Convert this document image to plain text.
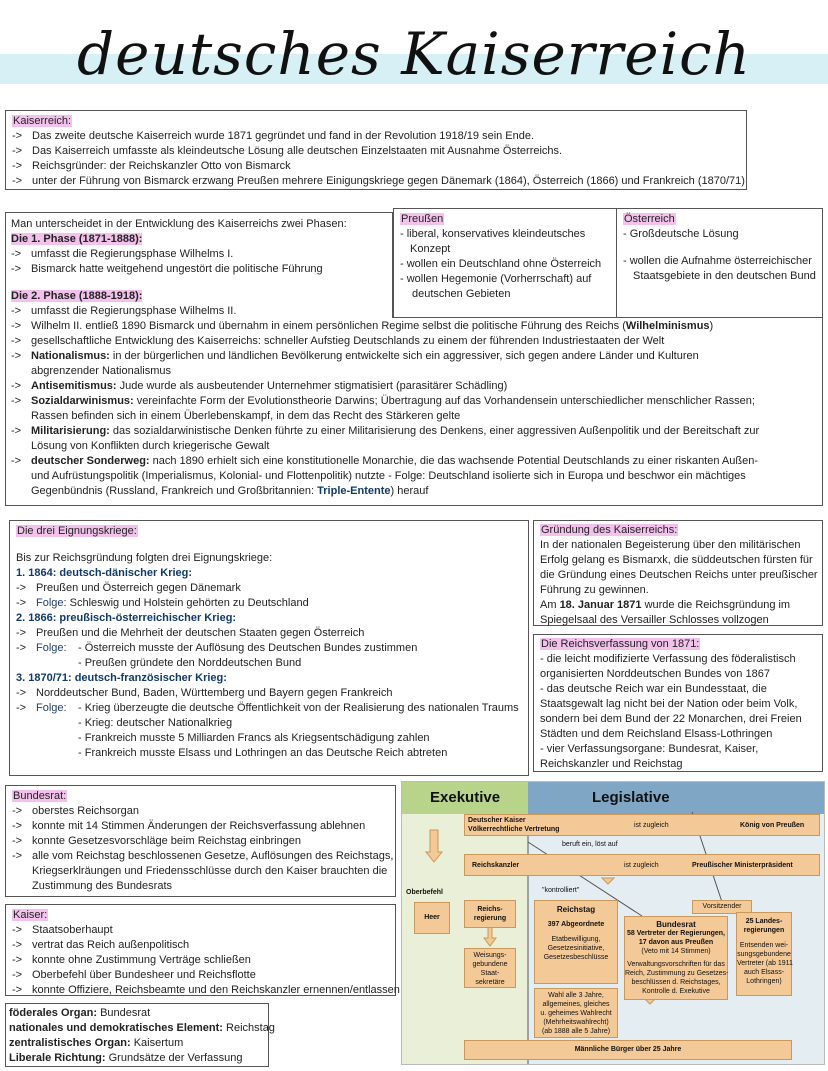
deutsches Kaiserreich
Kaiserreich:
-> Das zweite deutsche Kaiserreich wurde 1871 gegründet und fand in der Revolution 1918/19 sein Ende.
-> Das Kaiserreich umfasste als kleindeutsche Lösung alle deutschen Einzelstaaten mit Ausnahme Österreichs.
-> Reichsgründer: der Reichskanzler Otto von Bismarck
-> unter der Führung von Bismarck erzwang Preußen mehrere Einigungskriege gegen Dänemark (1864), Österreich (1866) und Frankreich (1870/71)
Man unterscheidet in der Entwicklung des Kaiserreichs zwei Phasen:
Die 1. Phase (1871-1888):
-> umfasst die Regierungsphase Wilhelms I.
-> Bismarck hatte weitgehend ungestört die politische Führung
Die 2. Phase (1888-1918):
-> umfasst die Regierungsphase Wilhelms II.
-> Wilhelm II. entließ 1890 Bismarck und übernahm in einem persönlichen Regime selbst die politische Führung des Reichs (Wilhelminismus)
-> gesellschaftliche Entwicklung des Kaiserreichs: schneller Aufstieg Deutschlands zu einem der führenden Industriestaaten der Welt
-> Nationalismus: in der bürgerlichen und ländlichen Bevölkerung entwickelte sich ein aggressiver, sich gegen andere Länder und Kulturen
abgrenzender Nationalismus
-> Antisemitismus: Jude wurde als ausbeutender Unternehmer stigmatisiert (parasitärer Schädling)
-> Sozialdarwinismus: vereinfachte Form der Evolutionstheorie Darwins; Übertragung auf das Vorhandensein unterschiedlicher menschlicher Rassen;
Rassen befinden sich in einem Überlebenskampf, in dem das Recht des Stärkeren gelte
-> Militarisierung: das sozialdarwinistische Denken führte zu einer Militarisierung des Denkens, einer aggressiven Außenpolitik und der Bereitschaft zur
Lösung von Konflikten durch kriegerische Gewalt
-> deutscher Sonderweg: nach 1890 erhielt sich eine konstitutionelle Monarchie, die das wachsende Potential Deutschlands zu einer riskanten Außen-
und Aufrüstungspolitik (Imperialismus, Kolonial- und Flottenpolitik) nutzte - Folge: Deutschland isolierte sich in Europa und beschwor ein mächtiges
Gegenbündnis (Russland, Frankreich und Großbritannien: Triple-Entente) herauf
Preußen
- liberal, konservatives kleindeutsches
Konzept
- wollen ein Deutschland ohne Österreich
- wollen Hegemonie (Vorherrschaft) auf
deutschen Gebieten
Österreich
- Großdeutsche Lösung
- wollen die Aufnahme österreichischer
Staatsgebiete in den deutschen Bund
Die drei Eignungskriege:
Bis zur Reichsgründung folgten drei Eignungskriege:
1. 1864: deutsch-dänischer Krieg:
-> Preußen und Österreich gegen Dänemark
-> Folge: Schleswig und Holstein gehörten zu Deutschland
2. 1866: preußisch-österreichischer Krieg:
-> Preußen und die Mehrheit der deutschen Staaten gegen Österreich
-> Folge: - Österreich musste der Auflösung des Deutschen Bundes zustimmen
- Preußen gründete den Norddeutschen Bund
3. 1870/71: deutsch-französischer Krieg:
-> Norddeutscher Bund, Baden, Württemberg und Bayern gegen Frankreich
-> Folge: - Krieg überzeugte die deutsche Öffentlichkeit von der Realisierung des nationalen Traums
- Krieg: deutscher Nationalkrieg
- Frankreich musste 5 Milliarden Francs als Kriegsentschädigung zahlen
- Frankreich musste Elsass und Lothringen an das Deutsche Reich abtreten
Gründung des Kaiserreichs:
In der nationalen Begeisterung über den militärischen
Erfolg gelang es Bismarxk, die süddeutschen fürsten für
die Gründung eines Deutschen Reichs unter preußischer
Führung zu gewinnen.
Am 18. Januar 1871 wurde die Reichsgründung im
Spiegelsaal des Versailler Schlosses vollzogen
Die Reichsverfassung von 1871:
- die leicht modifizierte Verfassung des föderalistisch
organisierten Norddeutschen Bundes von 1867
- das deutsche Reich war ein Bundesstaat, die
Staatsgewalt lag nicht bei der Nation oder beim Volk,
sondern bei dem Bund der 22 Monarchen, drei Freien
Städten und dem Reichsland Elsass-Lothringen
- vier Verfassungsorgane: Bundesrat, Kaiser,
Reichskanzler und Reichstag
Bundesrat:
-> oberstes Reichsorgan
-> konnte mit 14 Stimmen Änderungen der Reichsverfassung ablehnen
-> konnte Gesetzesvorschläge beim Reichstag einbringen
-> alle vom Reichstag beschlossenen Gesetze, Auflösungen des Reichstags,
Kriegserklräungen und Friedensschlüsse durch den Kaiser brauchten die
Zustimmung des Bundesrats
Kaiser:
-> Staatsoberhaupt
-> vertrat das Reich außenpolitisch
-> konnte ohne Zustimmung Verträge schließen
-> Oberbefehl über Bundesheer und Reichsflotte
-> konnte Offiziere, Reichsbeamte und den Reichskanzler ernennen/entlassen
föderales Organ: Bundesrat
nationales und demokratisches Element: Reichstag
zentralistisches Organ: Kaisertum
Liberale Richtung: Grundsätze der Verfassung
Exekutive	Legislative
Deutscher Kaiser
Völkerrechtliche Vertretung
ist zugleich	König von Preußen
beruft ein, löst auf
Reichskanzler	ist zugleich	Preußischer Ministerpräsident
Oberbefehl	"kontrolliert"
Vorsitzender
Heer
Reichs-
regierung
Weisungs-
gebundene
Staat-
sekretäre
Reichstag
397 Abgeordnete
Etatbewilligung,
Gesetzesinitiative,
Gesetzesbeschlüsse
Bundesrat
58 Vertreter der Regierungen,
17 davon aus Preußen
(Veto mit 14 Stimmen)
Verwaltungsvorschriften für das
Reich, Zustimmung zu Gesetzes-
beschlüssen d. Reichstages,
Kontrolle d. Exekutive
25 Landes-
regierungen
Entsenden wei-
sungsgebundene
Vertreter (ab 1911
auch Elsass-
Lothringen)
Wahl alle 3 Jahre,
allgemeines, gleiches
u. geheimes Wahlrecht
(Mehrheitswahlrecht)
(ab 1888 alle 5 Jahre)
Männliche Bürger über 25 Jahre
